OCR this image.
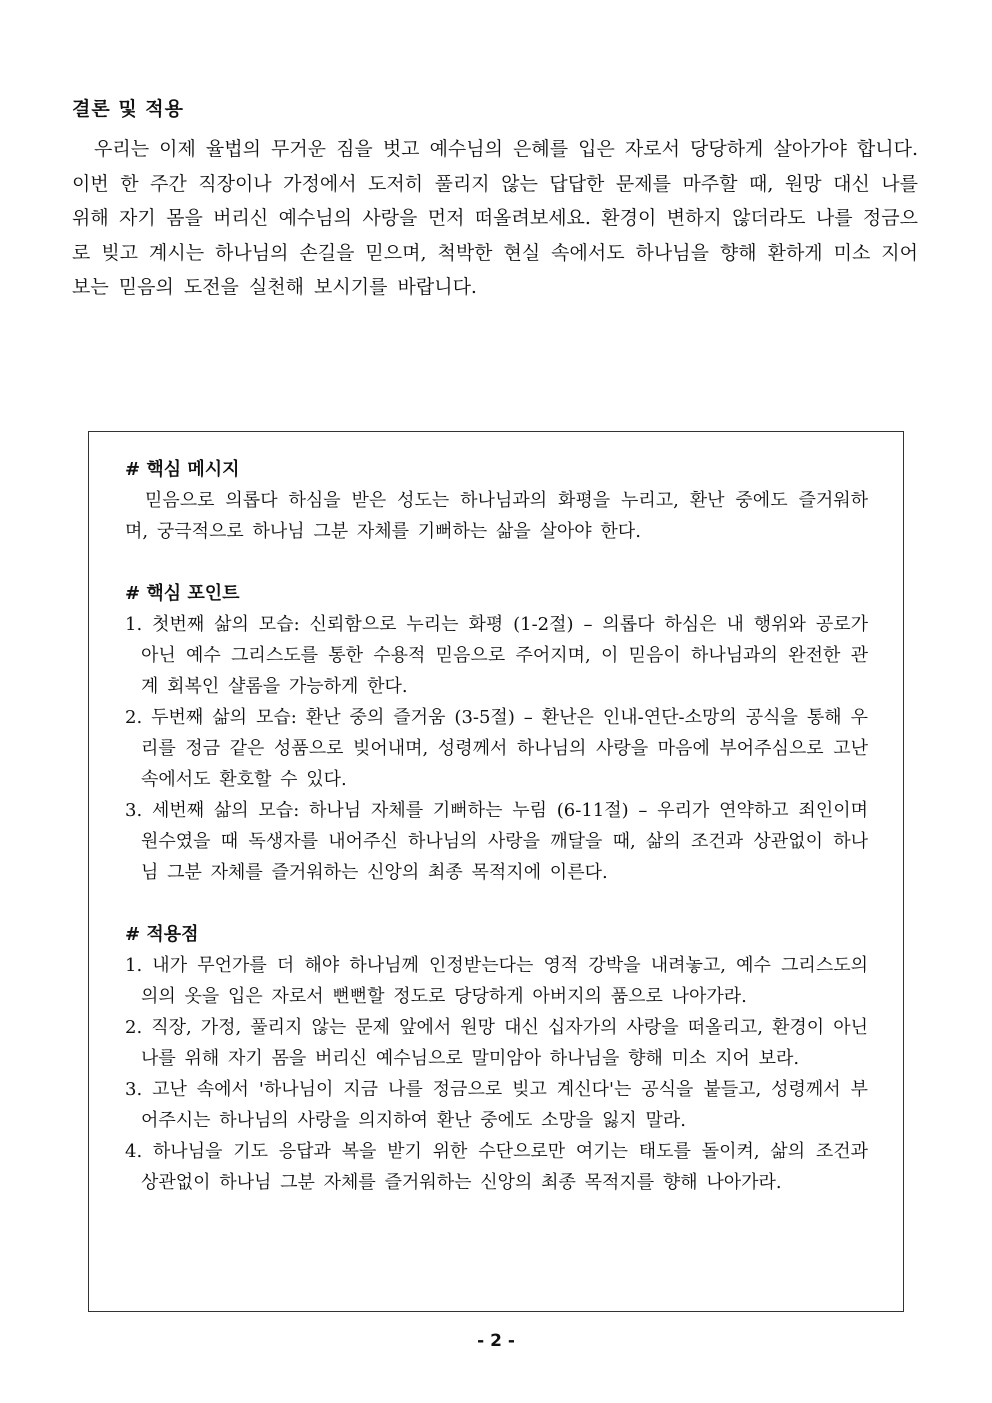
결론 및 적용

우리는 이제 율법의 무거운 짐을 벗고 예수님의 은혜를 입은 자로서 당당하게 살아가야 합니다. 이번 한 주간 직장이나 가정에서 도저히 풀리지 않는 답답한 문제를 마주할 때, 원망 대신 나를 위해 자기 몸을 버리신 예수님의 사랑을 먼저 떠올려보세요. 환경이 변하지 않더라도 나를 정금으로 빚고 계시는 하나님의 손길을 믿으며, 척박한 현실 속에서도 하나님을 향해 환하게 미소 지어 보는 믿음의 도전을 실천해 보시기를 바랍니다.

# 핵심 메시지

믿음으로 의롭다 하심을 받은 성도는 하나님과의 화평을 누리고, 환난 중에도 즐거워하며, 궁극적으로 하나님 그분 자체를 기뻐하는 삶을 살아야 한다.

# 핵심 포인트

1. 첫번째 삶의 모습: 신뢰함으로 누리는 화평 (1-2절) – 의롭다 하심은 내 행위와 공로가 아닌 예수 그리스도를 통한 수용적 믿음으로 주어지며, 이 믿음이 하나님과의 완전한 관계 회복인 샬롬을 가능하게 한다.
2. 두번째 삶의 모습: 환난 중의 즐거움 (3-5절) – 환난은 인내-연단-소망의 공식을 통해 우리를 정금 같은 성품으로 빚어내며, 성령께서 하나님의 사랑을 마음에 부어주심으로 고난 속에서도 환호할 수 있다.
3. 세번째 삶의 모습: 하나님 자체를 기뻐하는 누림 (6-11절) – 우리가 연약하고 죄인이며 원수였을 때 독생자를 내어주신 하나님의 사랑을 깨달을 때, 삶의 조건과 상관없이 하나님 그분 자체를 즐거워하는 신앙의 최종 목적지에 이른다.

# 적용점

1. 내가 무언가를 더 해야 하나님께 인정받는다는 영적 강박을 내려놓고, 예수 그리스도의 의의 옷을 입은 자로서 뻔뻔할 정도로 당당하게 아버지의 품으로 나아가라.
2. 직장, 가정, 풀리지 않는 문제 앞에서 원망 대신 십자가의 사랑을 떠올리고, 환경이 아닌 나를 위해 자기 몸을 버리신 예수님으로 말미암아 하나님을 향해 미소 지어 보라.
3. 고난 속에서 '하나님이 지금 나를 정금으로 빚고 계신다'는 공식을 붙들고, 성령께서 부어주시는 하나님의 사랑을 의지하여 환난 중에도 소망을 잃지 말라.
4. 하나님을 기도 응답과 복을 받기 위한 수단으로만 여기는 태도를 돌이켜, 삶의 조건과 상관없이 하나님 그분 자체를 즐거워하는 신앙의 최종 목적지를 향해 나아가라.
- 2 -
